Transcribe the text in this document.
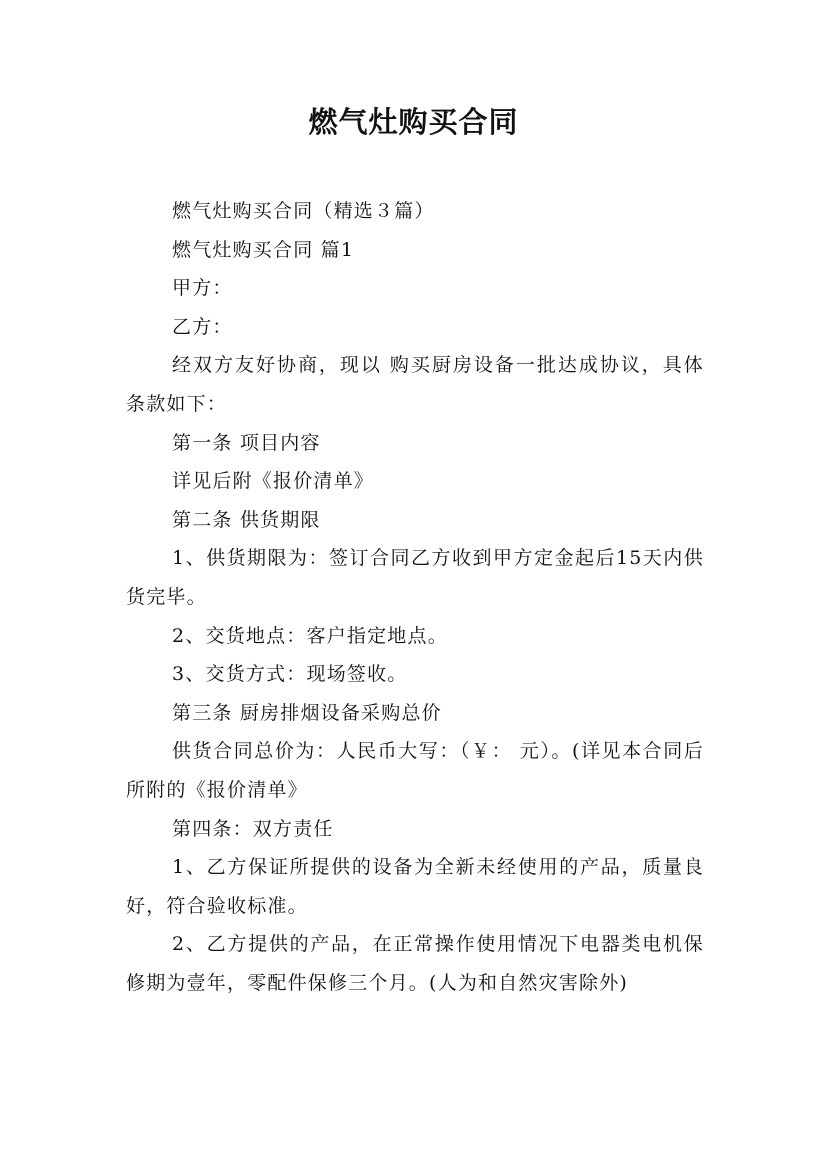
燃气灶购买合同

燃气灶购买合同（精选３篇）

燃气灶购买合同 篇1

甲方：

乙方：

经双方友好协商，现以 购买厨房设备一批达成协议，具体条款如下：

第一条 项目内容

详见后附《报价清单》

第二条 供货期限

1、供货期限为：签订合同乙方收到甲方定金起后15天内供货完毕。

2、交货地点：客户指定地点。

3、交货方式：现场签收。

第三条 厨房排烟设备采购总价

供货合同总价为：人民币大写：（￥： 元）。(详见本合同后所附的《报价清单》

第四条：双方责任

1、乙方保证所提供的设备为全新未经使用的产品，质量良好，符合验收标准。

2、乙方提供的产品，在正常操作使用情况下电器类电机保修期为壹年，零配件保修三个月。(人为和自然灾害除外)
